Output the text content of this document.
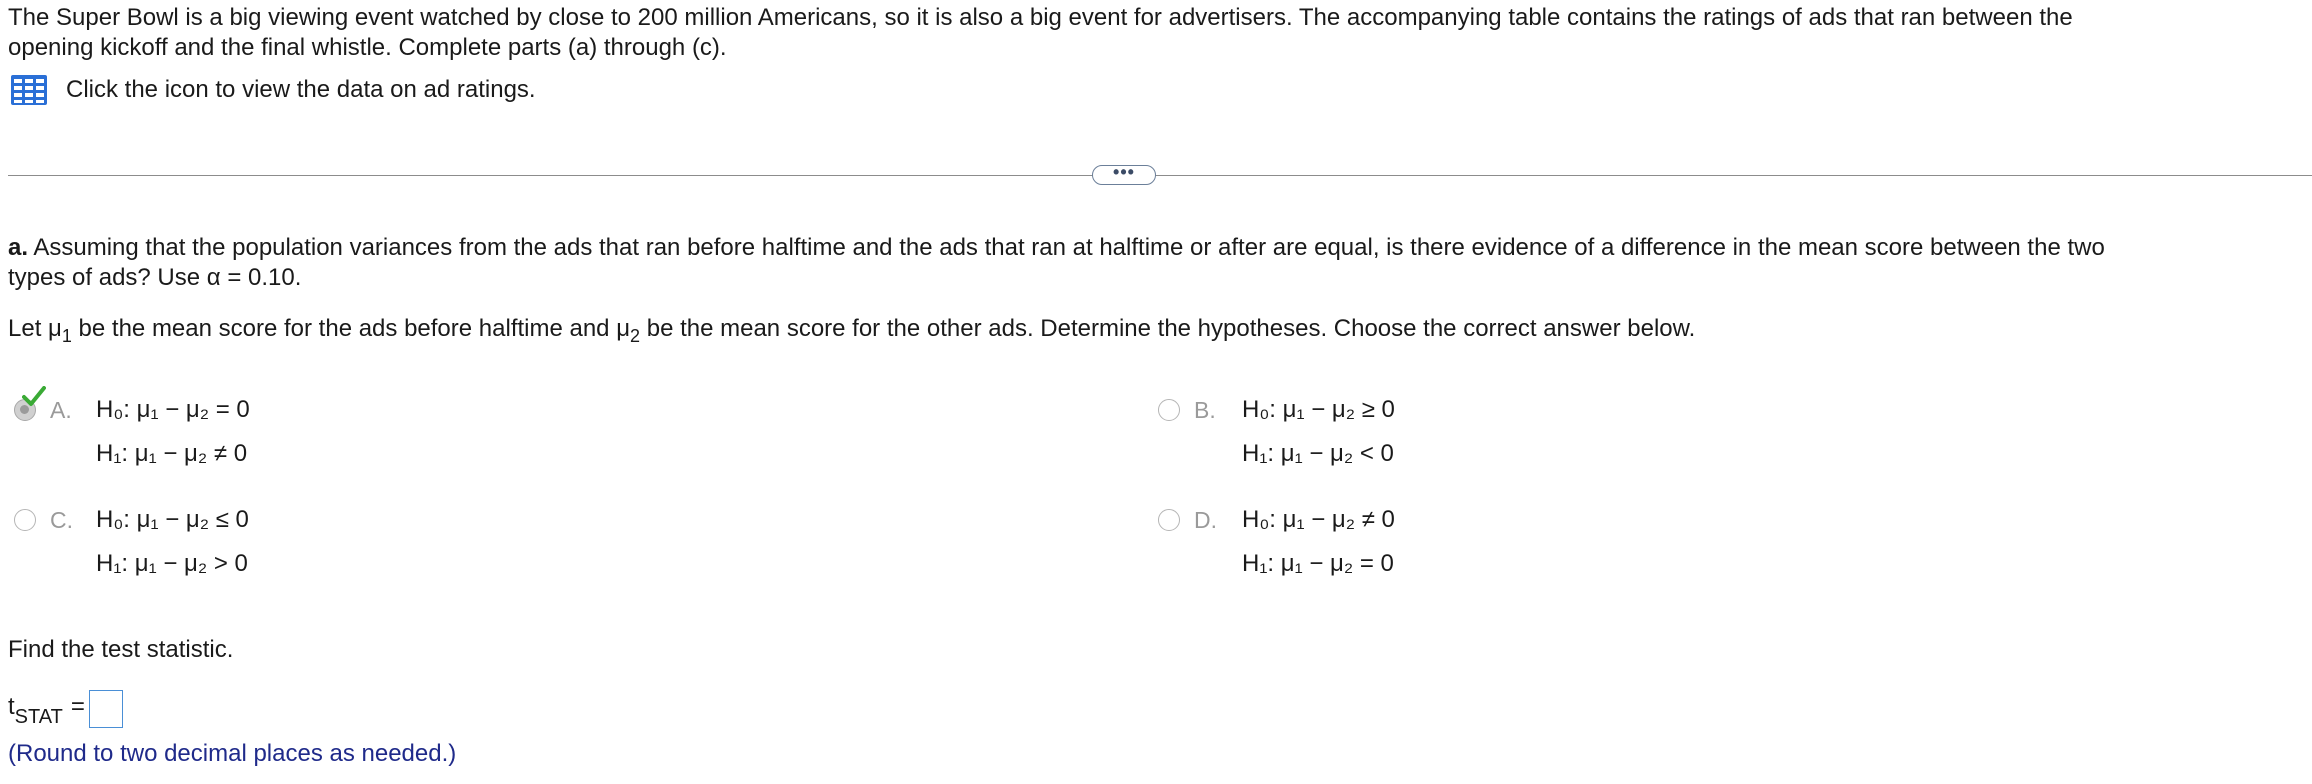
The Super Bowl is a big viewing event watched by close to 200 million Americans, so it is also a big event for advertisers. The accompanying table contains the ratings of ads that ran between the

opening kickoff and the final whistle. Complete parts (a) through (c).

Click the icon to view the data on ad ratings.
•••

a. Assuming that the population variances from the ads that ran before halftime and the ads that ran at halftime or after are equal, is there evidence of a difference in the mean score between the two

types of ads? Use α = 0.10.

Let $\mu_1$ be the mean score for the ads before halftime and $\mu_2$ be the mean score for the other ads. Determine the hypotheses. Choose the correct answer below.
A. H₀: μ₁ − μ₂ = 0
H₁: μ₁ − μ₂ ≠ 0
B. H₀: μ₁ − μ₂ ≥ 0
H₁: μ₁ − μ₂ < 0
C. H₀: μ₁ − μ₂ ≤ 0
H₁: μ₁ − μ₂ > 0
D. H₀: μ₁ − μ₂ ≠ 0
H₁: μ₁ − μ₂ = 0
Find the test statistic.
t STAT =
(Round to two decimal places as needed.)
